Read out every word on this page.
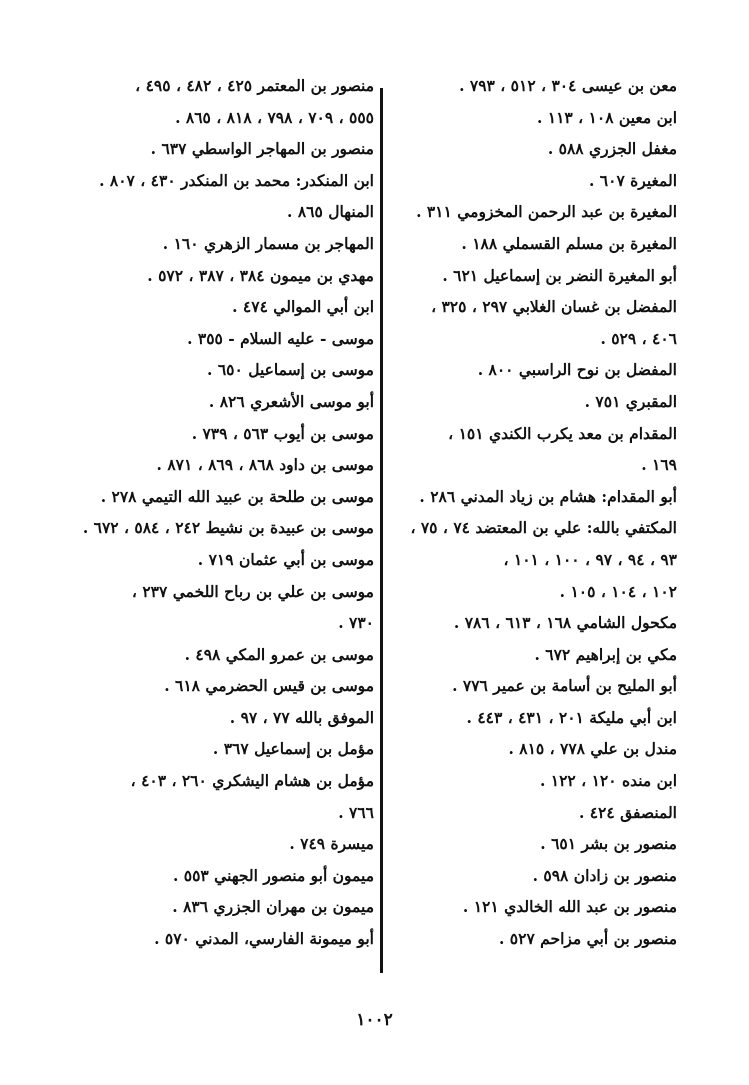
معن بن عيسى ٣٠٤ ، ٥١٢ ، ٧٩٣ .
ابن معين ١٠٨ ، ١١٣ .
مغفل الجزري ٥٨٨ .
المغيرة ٦٠٧ .
المغيرة بن عبد الرحمن المخزومي ٣١١ .
المغيرة بن مسلم القسملي ١٨٨ .
أبو المغيرة النضر بن إسماعيل ٦٢١ .
المفضل بن غسان الغلابي ٢٩٧ ، ٣٢٥ ،
٤٠٦ ، ٥٢٩ .
المفضل بن نوح الراسبي ٨٠٠ .
المقبري ٧٥١ .
المقدام بن معد يكرب الكندي ١٥١ ،
١٦٩ .
أبو المقدام: هشام بن زياد المدني ٢٨٦ .
المكتفي بالله: علي بن المعتضد ٧٤ ، ٧٥ ،
٩٣ ، ٩٤ ، ٩٧ ، ١٠٠ ، ١٠١ ،
١٠٢ ، ١٠٤ ، ١٠٥ .
مكحول الشامي ١٦٨ ، ٦١٣ ، ٧٨٦ .
مكي بن إبراهيم ٦٧٢ .
أبو المليح بن أسامة بن عمير ٧٧٦ .
ابن أبي مليكة ٢٠١ ، ٤٣١ ، ٤٤٣ .
مندل بن علي ٧٧٨ ، ٨١٥ .
ابن منده ١٢٠ ، ١٢٢ .
المنصفق ٤٢٤ .
منصور بن بشر ٦٥١ .
منصور بن زادان ٥٩٨ .
منصور بن عبد الله الخالدي ١٢١ .
منصور بن أبي مزاحم ٥٢٧ .
منصور بن المعتمر ٤٢٥ ، ٤٨٢ ، ٤٩٥ ،
٥٥٥ ، ٧٠٩ ، ٧٩٨ ، ٨١٨ ، ٨٦٥ .
منصور بن المهاجر الواسطي ٦٣٧ .
ابن المنكدر: محمد بن المنكدر ٤٣٠ ، ٨٠٧ .
المنهال ٨٦٥ .
المهاجر بن مسمار الزهري ١٦٠ .
مهدي بن ميمون ٣٨٤ ، ٣٨٧ ، ٥٧٢ .
ابن أبي الموالي ٤٧٤ .
موسى - عليه السلام - ٣٥٥ .
موسى بن إسماعيل ٦٥٠ .
أبو موسى الأشعري ٨٢٦ .
موسى بن أيوب ٥٦٣ ، ٧٣٩ .
موسى بن داود ٨٦٨ ، ٨٦٩ ، ٨٧١ .
موسى بن طلحة بن عبيد الله التيمي ٢٧٨ .
موسى بن عبيدة بن نشيط ٢٤٢ ، ٥٨٤ ، ٦٧٢ .
موسى بن أبي عثمان ٧١٩ .
موسى بن علي بن رباح اللخمي ٢٣٧ ،
٧٣٠ .
موسى بن عمرو المكي ٤٩٨ .
موسى بن قيس الحضرمي ٦١٨ .
الموفق بالله ٧٧ ، ٩٧ .
مؤمل بن إسماعيل ٣٦٧ .
مؤمل بن هشام اليشكري ٢٦٠ ، ٤٠٣ ،
٧٦٦ .
ميسرة ٧٤٩ .
ميمون أبو منصور الجهني ٥٥٣ .
ميمون بن مهران الجزري ٨٣٦ .
أبو ميمونة الفارسي، المدني ٥٧٠ .
١٠٠٢
